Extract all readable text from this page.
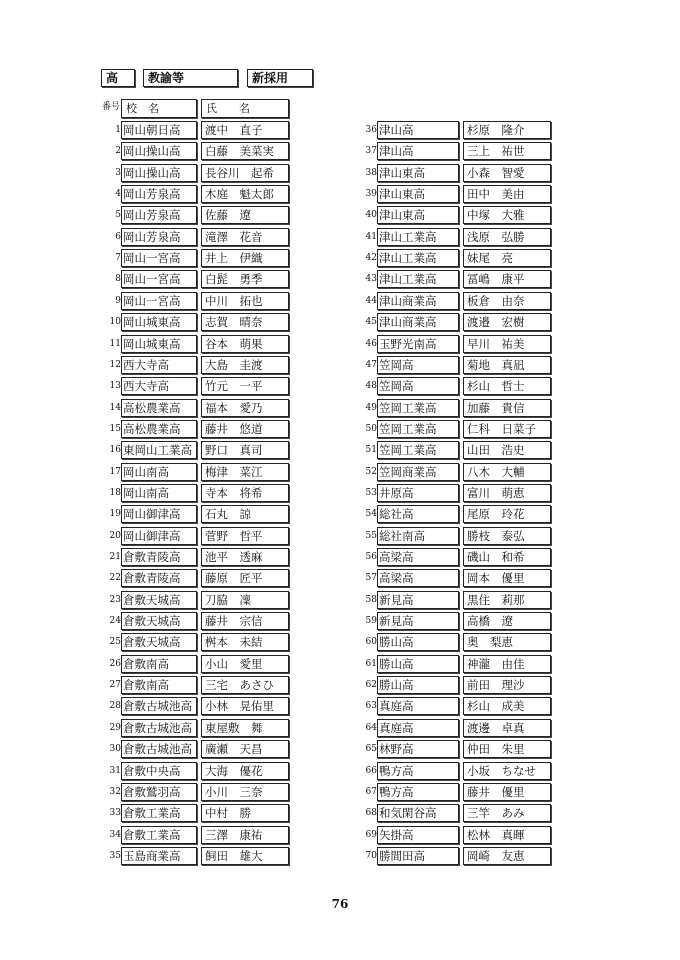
高	教諭等	新採用
番号 校　名	氏　　名
1 岡山朝日高	渡中　直子
2 岡山操山高	白藤　美菜実
3 岡山操山高	長谷川　起希
4 岡山芳泉高	木庭　魁太郎
5 岡山芳泉高	佐藤　遼
6 岡山芳泉高	滝澤　花音
7 岡山一宮高	井上　伊織
8 岡山一宮高	白髭　勇季
9 岡山一宮高	中川　拓也
10 岡山城東高	志賀　晴奈
11 岡山城東高	谷本　萌果
12 西大寺高	大島　圭渡
13 西大寺高	竹元　一平
14 高松農業高	福本　愛乃
15 高松農業高	藤井　悠道
16 東岡山工業高	野口　真司
17 岡山南高	梅津　菜江
18 岡山南高	寺本　将希
19 岡山御津高	石丸　諒
20 岡山御津高	菅野　哲平
21 倉敷青陵高	池平　透麻
22 倉敷青陵高	藤原　匠平
23 倉敷天城高	刀脇　凜
24 倉敷天城高	藤井　宗信
25 倉敷天城高	桝本　未結
26 倉敷南高	小山　愛里
27 倉敷南高	三宅　あさひ
28 倉敷古城池高	小林　晃佑里
29 倉敷古城池高	東屋敷　舞
30 倉敷古城池高	廣瀬　天昌
31 倉敷中央高	大海　優花
32 倉敷鷲羽高	小川　三奈
33 倉敷工業高	中村　勝
34 倉敷工業高	三澤　康祐
35 玉島商業高	飼田　雄大
36 津山高	杉原　隆介
37 津山高	三上　祐世
38 津山東高	小森　智愛
39 津山東高	田中　美由
40 津山東高	中塚　大雅
41 津山工業高	浅原　弘勝
42 津山工業高	妹尾　亮
43 津山工業高	冨嶋　康平
44 津山商業高	板倉　由奈
45 津山商業高	渡邉　宏樹
46 玉野光南高	早川　祐美
47 笠岡高	菊地　真凪
48 笠岡高	杉山　哲士
49 笠岡工業高	加藤　貴信
50 笠岡工業高	仁科　日菜子
51 笠岡工業高	山田　浩史
52 笠岡商業高	八木　大輔
53 井原高	富川　萌恵
54 総社高	尾原　玲花
55 総社南高	勝枝　泰弘
56 高梁高	磯山　和希
57 高梁高	岡本　優里
58 新見高	黒住　莉那
59 新見高	高橋　遼
60 勝山高	奥　梨恵
61 勝山高	神瀧　由佳
62 勝山高	前田　理沙
63 真庭高	杉山　成美
64 真庭高	渡邊　卓真
65 林野高	仲田　朱里
66 鴨方高	小坂　ちなせ
67 鴨方高	藤井　優里
68 和気閑谷高	三竿　あみ
69 矢掛高	松林　真暉
70 勝間田高	岡崎　友恵
76
